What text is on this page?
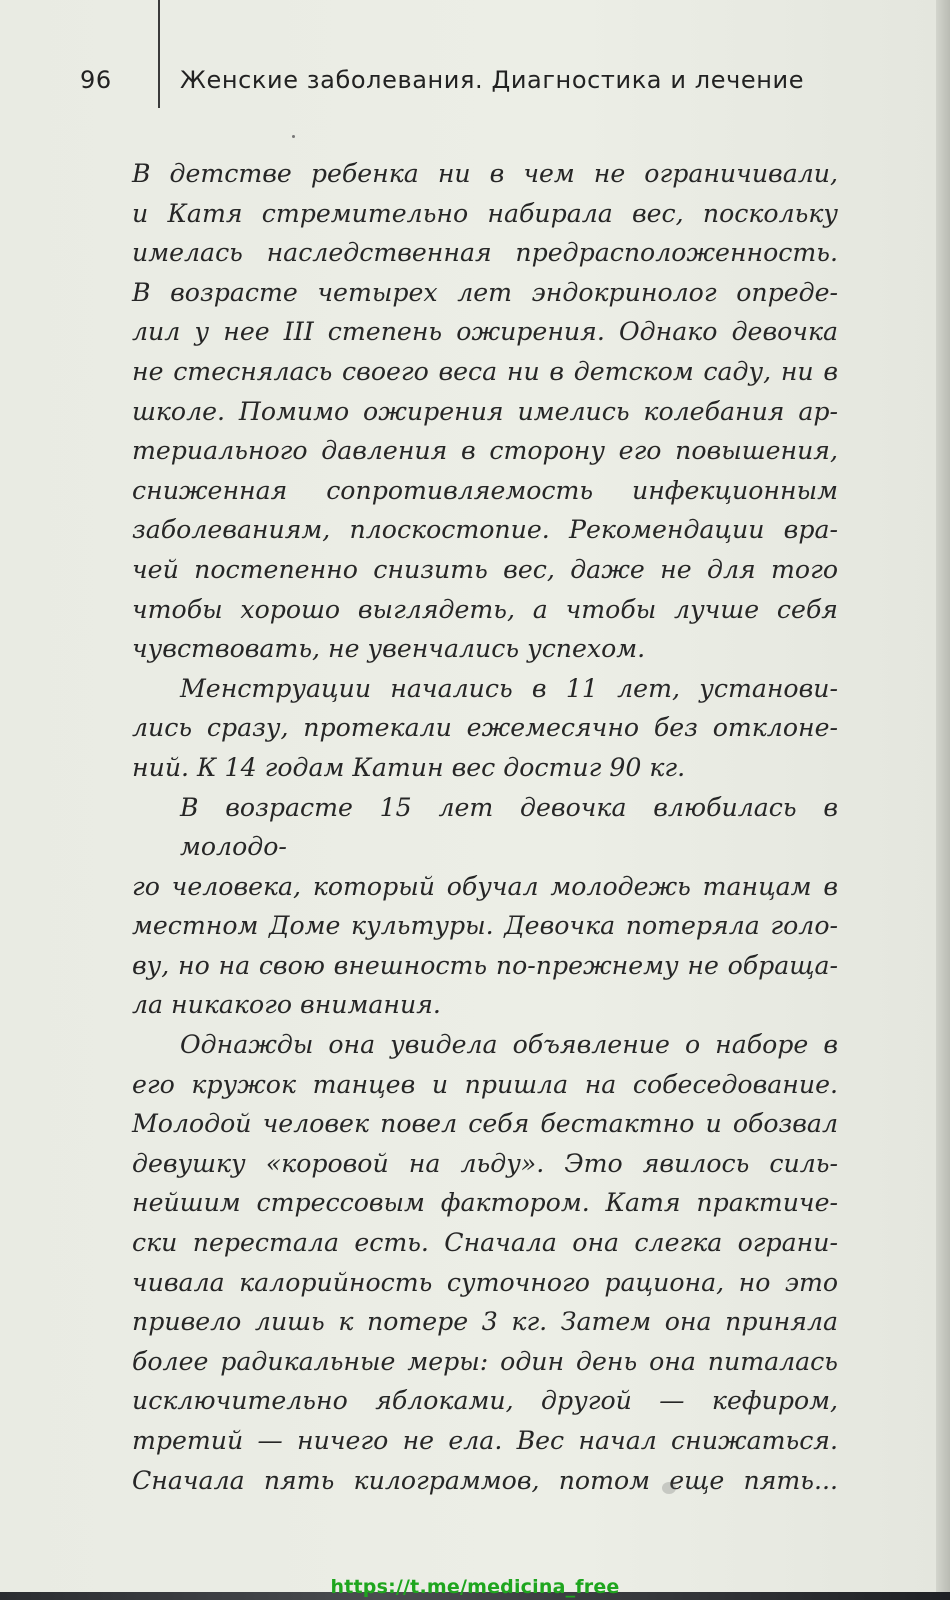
96	Женские заболевания. Диагностика и лечение

В детстве ребенка ни в чем не ограничивали,

и Катя стремительно набирала вес, поскольку

имелась наследственная предрасположенность.

В возрасте четырех лет эндокринолог опреде-

лил у нее III степень ожирения. Однако девочка

не стеснялась своего веса ни в детском саду, ни в

школе. Помимо ожирения имелись колебания ар-

териального давления в сторону его повышения,

сниженная сопротивляемость инфекционным

заболеваниям, плоскостопие. Рекомендации вра-

чей постепенно снизить вес, даже не для того

чтобы хорошо выглядеть, а чтобы лучше себя

чувствовать, не увенчались успехом.

Менструации начались в 11 лет, установи-

лись сразу, протекали ежемесячно без отклоне-

ний. К 14 годам Катин вес достиг 90 кг.

В возрасте 15 лет девочка влюбилась в молодо-

го человека, который обучал молодежь танцам в

местном Доме культуры. Девочка потеряла голо-

ву, но на свою внешность по-прежнему не обраща-

ла никакого внимания.

Однажды она увидела объявление о наборе в

его кружок танцев и пришла на собеседование.

Молодой человек повел себя бестактно и обозвал

девушку «коровой на льду». Это явилось силь-

нейшим стрессовым фактором. Катя практиче-

ски перестала есть. Сначала она слегка ограни-

чивала калорийность суточного рациона, но это

привело лишь к потере 3 кг. Затем она приняла

более радикальные меры: один день она питалась

исключительно яблоками, другой — кефиром,

третий — ничего не ела. Вес начал снижаться.

Сначала пять килограммов, потом еще пять...

https://t.me/medicina_free
